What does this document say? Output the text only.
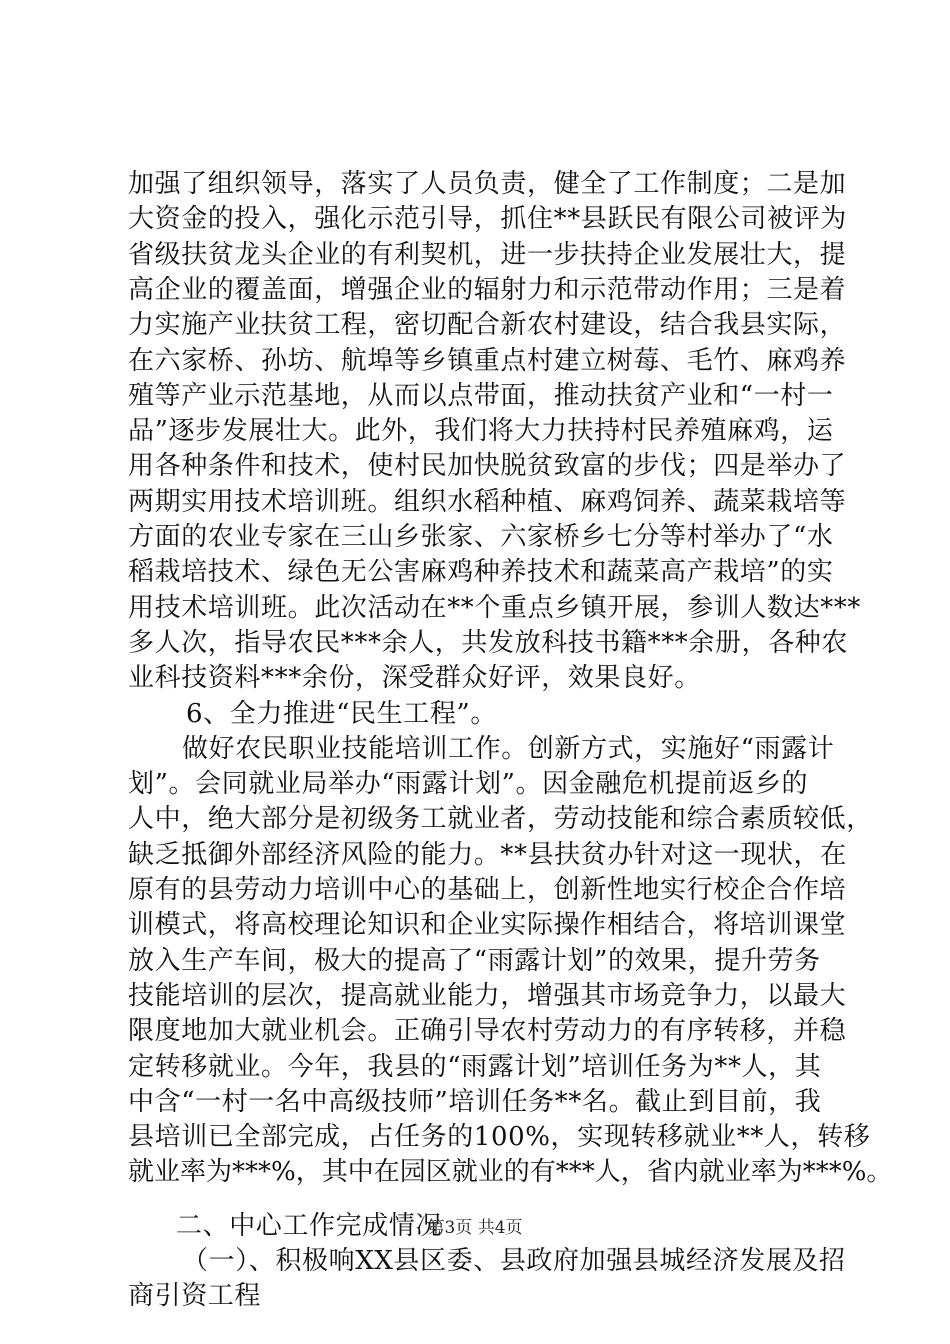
加强了组织领导，落实了人员负责，健全了工作制度；二是加
大资金的投入，强化示范引导，抓住**县跃民有限公司被评为
省级扶贫龙头企业的有利契机，进一步扶持企业发展壮大，提
高企业的覆盖面，增强企业的辐射力和示范带动作用；三是着
力实施产业扶贫工程，密切配合新农村建设，结合我县实际，
在六家桥、孙坊、航埠等乡镇重点村建立树莓、毛竹、麻鸡养
殖等产业示范基地，从而以点带面，推动扶贫产业和“一村一
品”逐步发展壮大。此外，我们将大力扶持村民养殖麻鸡，运
用各种条件和技术，使村民加快脱贫致富的步伐；四是举办了
两期实用技术培训班。组织水稻种植、麻鸡饲养、蔬菜栽培等
方面的农业专家在三山乡张家、六家桥乡七分等村举办了“水
稻栽培技术、绿色无公害麻鸡种养技术和蔬菜高产栽培”的实
用技术培训班。此次活动在**个重点乡镇开展，参训人数达***
多人次，指导农民***余人，共发放科技书籍***余册，各种农
业科技资料***余份，深受群众好评，效果良好。
6、全力推进“民生工程”。
做好农民职业技能培训工作。创新方式，实施好“雨露计
划”。会同就业局举办“雨露计划”。因金融危机提前返乡的
人中，绝大部分是初级务工就业者，劳动技能和综合素质较低，
缺乏抵御外部经济风险的能力。**县扶贫办针对这一现状，在
原有的县劳动力培训中心的基础上，创新性地实行校企合作培
训模式，将高校理论知识和企业实际操作相结合，将培训课堂
放入生产车间，极大的提高了“雨露计划”的效果，提升劳务
技能培训的层次，提高就业能力，增强其市场竞争力，以最大
限度地加大就业机会。正确引导农村劳动力的有序转移，并稳
定转移就业。今年，我县的“雨露计划”培训任务为**人，其
中含“一村一名中高级技师”培训任务**名。截止到目前，我
县培训已全部完成，占任务的100%，实现转移就业**人，转移
就业率为***%，其中在园区就业的有***人，省内就业率为***%。
二、中心工作完成情况
（一）、积极响XX县区委、县政府加强县城经济发展及招
商引资工程
第3页 共4页
